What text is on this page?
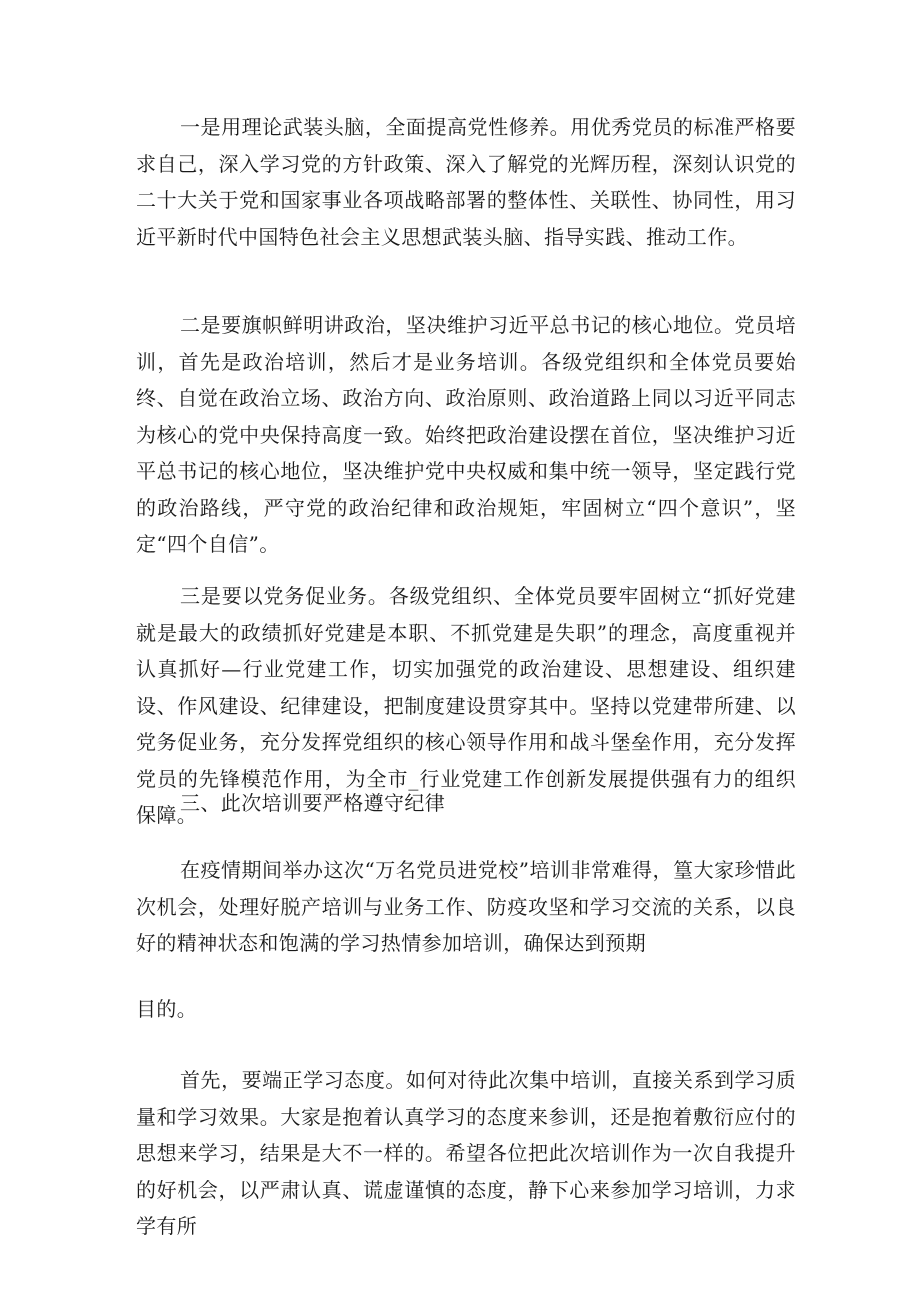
一是用理论武装头脑，全面提高党性修养。用优秀党员的标准严格要求自己，深入学习党的方针政策、深入了解党的光辉历程，深刻认识党的二十大关于党和国家事业各项战略部署的整体性、关联性、协同性，用习近平新时代中国特色社会主义思想武装头脑、指导实践、推动工作。

二是要旗帜鲜明讲政治，坚决维护习近平总书记的核心地位。党员培训，首先是政治培训，然后才是业务培训。各级党组织和全体党员要始终、自觉在政治立场、政治方向、政治原则、政治道路上同以习近平同志为核心的党中央保持高度一致。始终把政治建设摆在首位，坚决维护习近平总书记的核心地位，坚决维护党中央权威和集中统一领导，坚定践行党的政治路线，严守党的政治纪律和政治规矩，牢固树立“四个意识”，坚定“四个自信”。

三是要以党务促业务。各级党组织、全体党员要牢固树立“抓好党建就是最大的政绩抓好党建是本职、不抓党建是失职”的理念，高度重视并认真抓好—行业党建工作，切实加强党的政治建设、思想建设、组织建设、作风建设、纪律建设，把制度建设贯穿其中。坚持以党建带所建、以党务促业务，充分发挥党组织的核心领导作用和战斗堡垒作用，充分发挥党员的先锋模范作用，为全市_行业党建工作创新发展提供强有力的组织保障。

三、此次培训要严格遵守纪律

在疫情期间举办这次“万名党员进党校”培训非常难得，篁大家珍惜此次机会，处理好脱产培训与业务工作、防疫攻坚和学习交流的关系，以良好的精神状态和饱满的学习热情参加培训，确保达到预期

目的。

首先，要端正学习态度。如何对待此次集中培训，直接关系到学习质量和学习效果。大家是抱着认真学习的态度来参训，还是抱着敷衍应付的思想来学习，结果是大不一样的。希望各位把此次培训作为一次自我提升的好机会，以严肃认真、谎虚谨慎的态度，静下心来参加学习培训，力求学有所
